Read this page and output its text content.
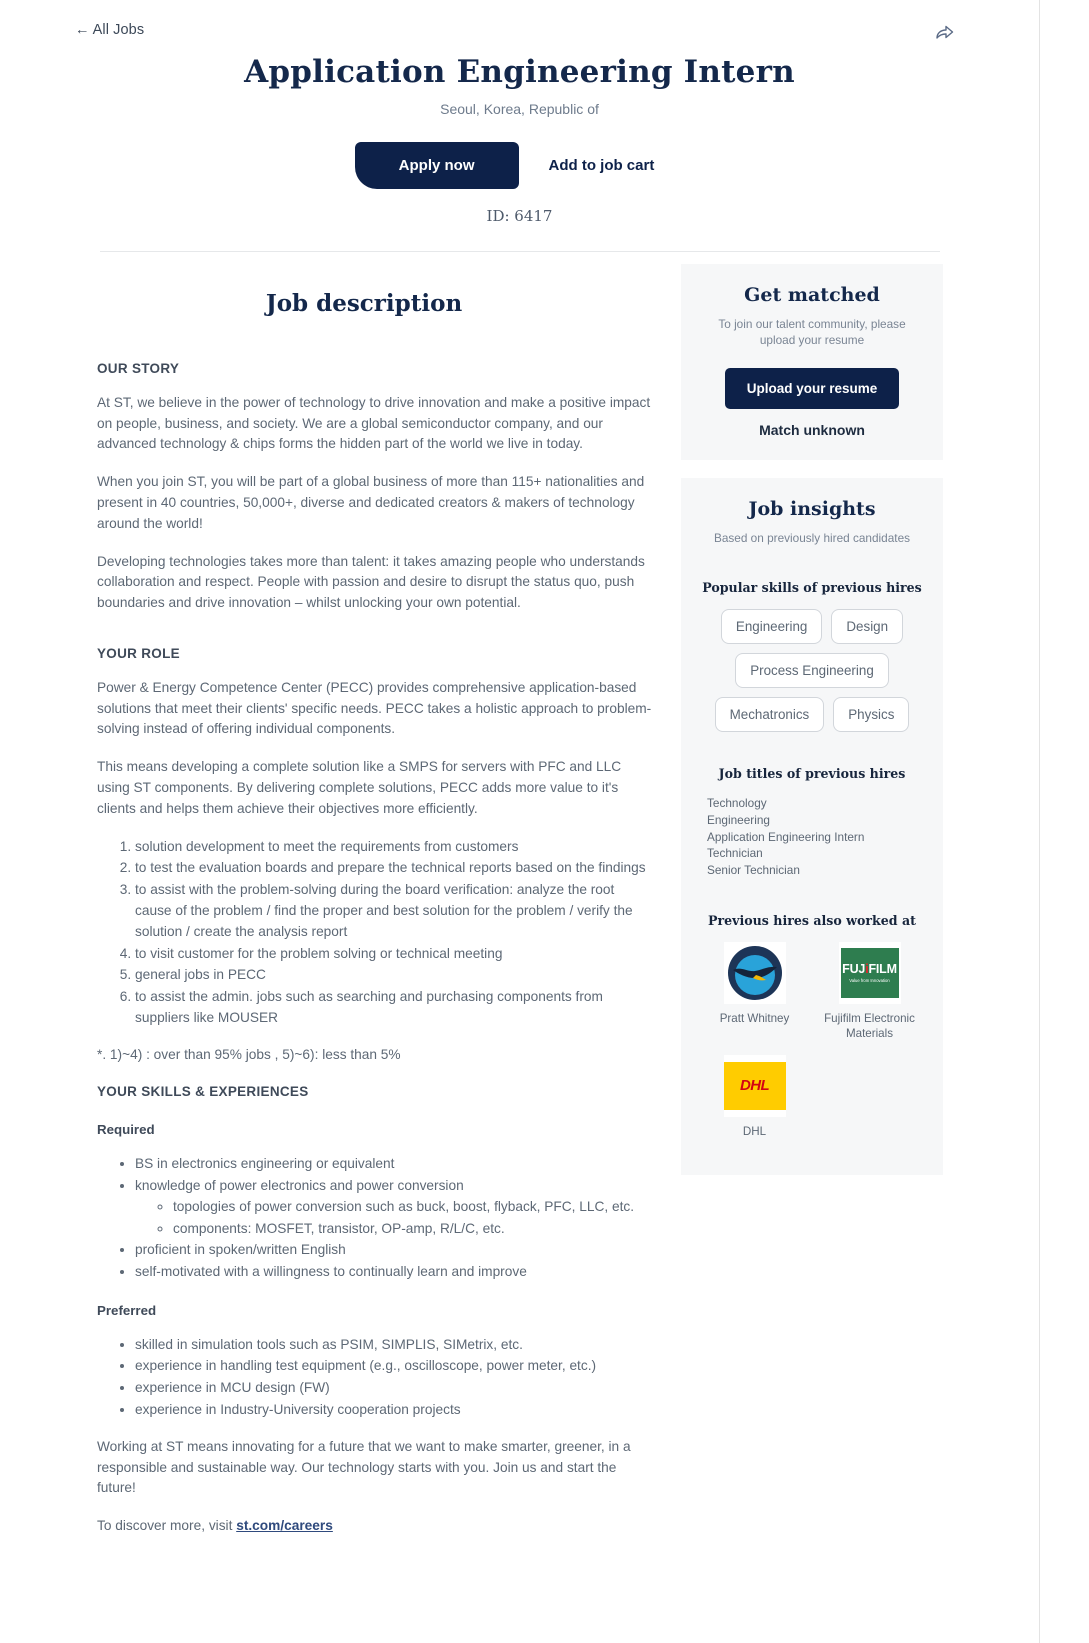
← All Jobs
Application Engineering Intern
Seoul, Korea, Republic of
Apply now	Add to job cart
ID: 6417
Job description
OUR STORY

At ST, we believe in the power of technology to drive innovation and make a positive impact on people, business, and society. We are a global semiconductor company, and our advanced technology & chips forms the hidden part of the world we live in today.

When you join ST, you will be part of a global business of more than 115+ nationalities and present in 40 countries, 50,000+, diverse and dedicated creators & makers of technology around the world!

Developing technologies takes more than talent: it takes amazing people who understands collaboration and respect. People with passion and desire to disrupt the status quo, push boundaries and drive innovation – whilst unlocking your own potential.

YOUR ROLE

Power & Energy Competence Center (PECC) provides comprehensive application-based solutions that meet their clients' specific needs. PECC takes a holistic approach to problem-solving instead of offering individual components.

This means developing a complete solution like a SMPS for servers with PFC and LLC using ST components. By delivering complete solutions, PECC adds more value to it's clients and helps them achieve their objectives more efficiently.

1. solution development to meet the requirements from customers
2. to test the evaluation boards and prepare the technical reports based on the findings
3. to assist with the problem-solving during the board verification: analyze the root cause of the problem / find the proper and best solution for the problem / verify the solution / create the analysis report
4. to visit customer for the problem solving or technical meeting
5. general jobs in PECC
6. to assist the admin. jobs such as searching and purchasing components from suppliers like MOUSER

*. 1)~4) : over than 95% jobs , 5)~6): less than 5%

YOUR SKILLS & EXPERIENCES
Required
• BS in electronics engineering or equivalent
• knowledge of power electronics and power conversion
◦ topologies of power conversion such as buck, boost, flyback, PFC, LLC, etc.
◦ components: MOSFET, transistor, OP-amp, R/L/C, etc.
• proficient in spoken/written English
• self-motivated with a willingness to continually learn and improve
Preferred
• skilled in simulation tools such as PSIM, SIMPLIS, SIMetrix, etc.
• experience in handling test equipment (e.g., oscilloscope, power meter, etc.)
• experience in MCU design (FW)
• experience in Industry-University cooperation projects

Working at ST means innovating for a future that we want to make smarter, greener, in a responsible and sustainable way. Our technology starts with you. Join us and start the future!

To discover more, visit st.com/careers

Get matched

To join our talent community, please upload your resume

Upload your resume
Match unknown
Job insights

Based on previously hired candidates

Popular skills of previous hires
Engineering	Design
Process Engineering
Mechatronics	Physics
Job titles of previous hires
Technology
Engineering
Application Engineering Intern
Technician
Senior Technician
Previous hires also worked at
Pratt Whitney
FUJiFILM
Value from Innovation
Fujifilm Electronic Materials
DHL
DHL
